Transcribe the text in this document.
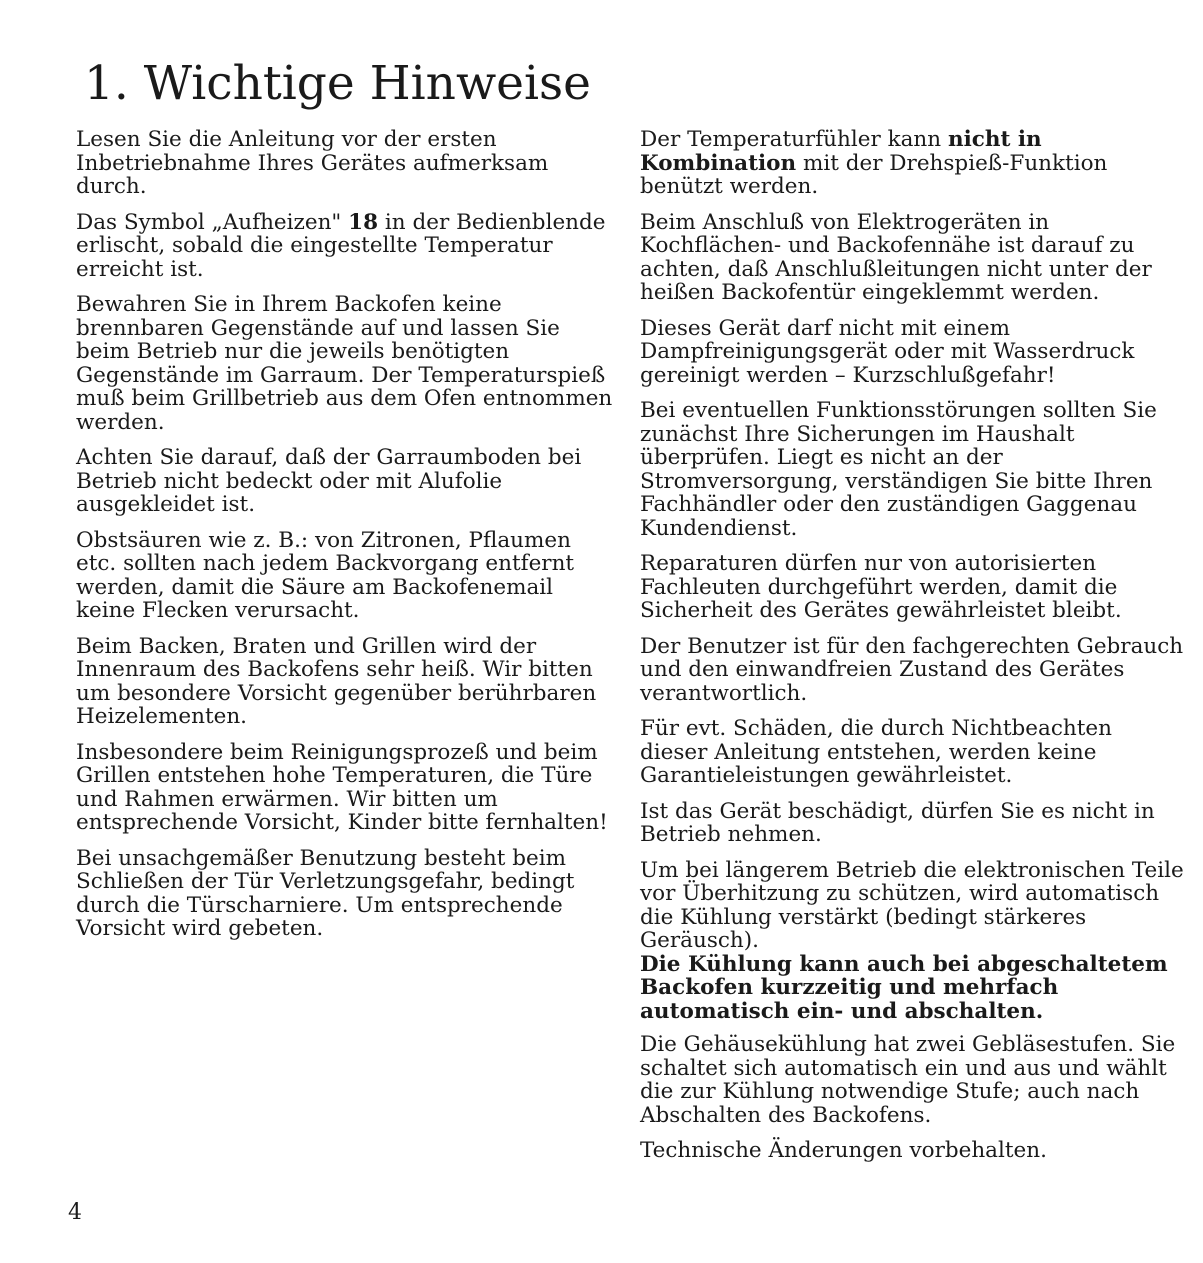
1. Wichtige Hinweise

Lesen Sie die Anleitung vor der ersten Inbetriebnahme Ihres Gerätes aufmerksam durch.

Das Symbol „Aufheizen" 18 in der Bedienblende erlischt, sobald die eingestellte Temperatur erreicht ist.

Bewahren Sie in Ihrem Backofen keine brennbaren Gegenstände auf und lassen Sie beim Betrieb nur die jeweils benötigten Gegenstände im Garraum. Der Temperaturspieß muß beim Grillbetrieb aus dem Ofen entnommen werden.

Achten Sie darauf, daß der Garraumboden bei Betrieb nicht bedeckt oder mit Alufolie ausgekleidet ist.

Obstsäuren wie z. B.: von Zitronen, Pflaumen etc. sollten nach jedem Backvorgang entfernt werden, damit die Säure am Backofenemail keine Flecken verursacht.

Beim Backen, Braten und Grillen wird der Innenraum des Backofens sehr heiß. Wir bitten um besondere Vorsicht gegenüber berührbaren Heizelementen.

Insbesondere beim Reinigungsprozeß und beim Grillen entstehen hohe Temperaturen, die Türe und Rahmen erwärmen. Wir bitten um entsprechende Vorsicht, Kinder bitte fernhalten!

Bei unsachgemäßer Benutzung besteht beim Schließen der Tür Verletzungsgefahr, bedingt durch die Türscharniere. Um entsprechende Vorsicht wird gebeten.

Der Temperaturfühler kann nicht in Kombination mit der Drehspieß-Funktion benützt werden.

Beim Anschluß von Elektrogeräten in Kochflächen- und Backofennähe ist darauf zu achten, daß Anschlußleitungen nicht unter der heißen Backofentür eingeklemmt werden.

Dieses Gerät darf nicht mit einem Dampfreinigungsgerät oder mit Wasserdruck gereinigt werden – Kurzschlußgefahr!

Bei eventuellen Funktionsstörungen sollten Sie zunächst Ihre Sicherungen im Haushalt überprüfen. Liegt es nicht an der Stromversorgung, verständigen Sie bitte Ihren Fachhändler oder den zuständigen Gaggenau Kundendienst.

Reparaturen dürfen nur von autorisierten Fachleuten durchgeführt werden, damit die Sicherheit des Gerätes gewährleistet bleibt.

Der Benutzer ist für den fachgerechten Gebrauch und den einwandfreien Zustand des Gerätes verantwortlich.

Für evt. Schäden, die durch Nichtbeachten dieser Anleitung entstehen, werden keine Garantieleistungen gewährleistet.

Ist das Gerät beschädigt, dürfen Sie es nicht in Betrieb nehmen.

Um bei längerem Betrieb die elektronischen Teile vor Überhitzung zu schützen, wird automatisch die Kühlung verstärkt (bedingt stärkeres Geräusch).

Die Kühlung kann auch bei abgeschaltetem Backofen kurzzeitig und mehrfach automatisch ein- und abschalten.

Die Gehäusekühlung hat zwei Gebläsestufen. Sie schaltet sich automatisch ein und aus und wählt die zur Kühlung notwendige Stufe; auch nach Abschalten des Backofens.

Technische Änderungen vorbehalten.

4
